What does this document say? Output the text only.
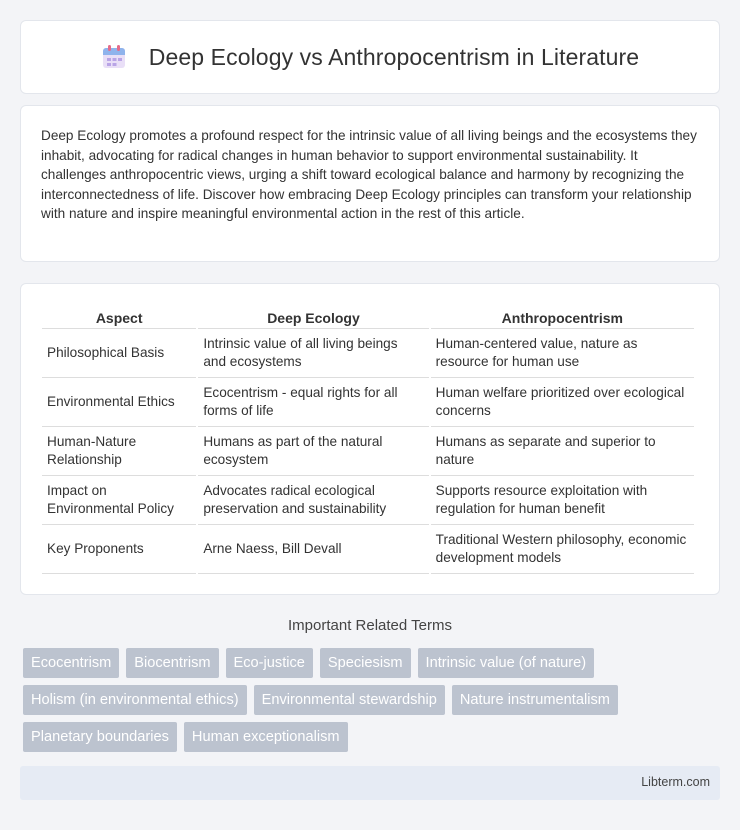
Deep Ecology vs Anthropocentrism in Literature

Deep Ecology promotes a profound respect for the intrinsic value of all living beings and the ecosystems they inhabit, advocating for radical changes in human behavior to support environmental sustainability. It challenges anthropocentric views, urging a shift toward ecological balance and harmony by recognizing the interconnectedness of life. Discover how embracing Deep Ecology principles can transform your relationship with nature and inspire meaningful environmental action in the rest of this article.

Aspect	Deep Ecology	Anthropocentrism
Philosophical Basis	Intrinsic value of all living beings and ecosystems	Human-centered value, nature as resource for human use
Environmental Ethics	Ecocentrism - equal rights for all forms of life	Human welfare prioritized over ecological concerns
Human-Nature Relationship	Humans as part of the natural ecosystem	Humans as separate and superior to nature
Impact on Environmental Policy	Advocates radical ecological preservation and sustainability	Supports resource exploitation with regulation for human benefit
Key Proponents	Arne Naess, Bill Devall	Traditional Western philosophy, economic development models
Important Related Terms
Ecocentrism	Biocentrism	Eco-justice	Speciesism	Intrinsic value (of nature)
Holism (in environmental ethics)	Environmental stewardship	Nature instrumentalism
Planetary boundaries	Human exceptionalism
Libterm.com
